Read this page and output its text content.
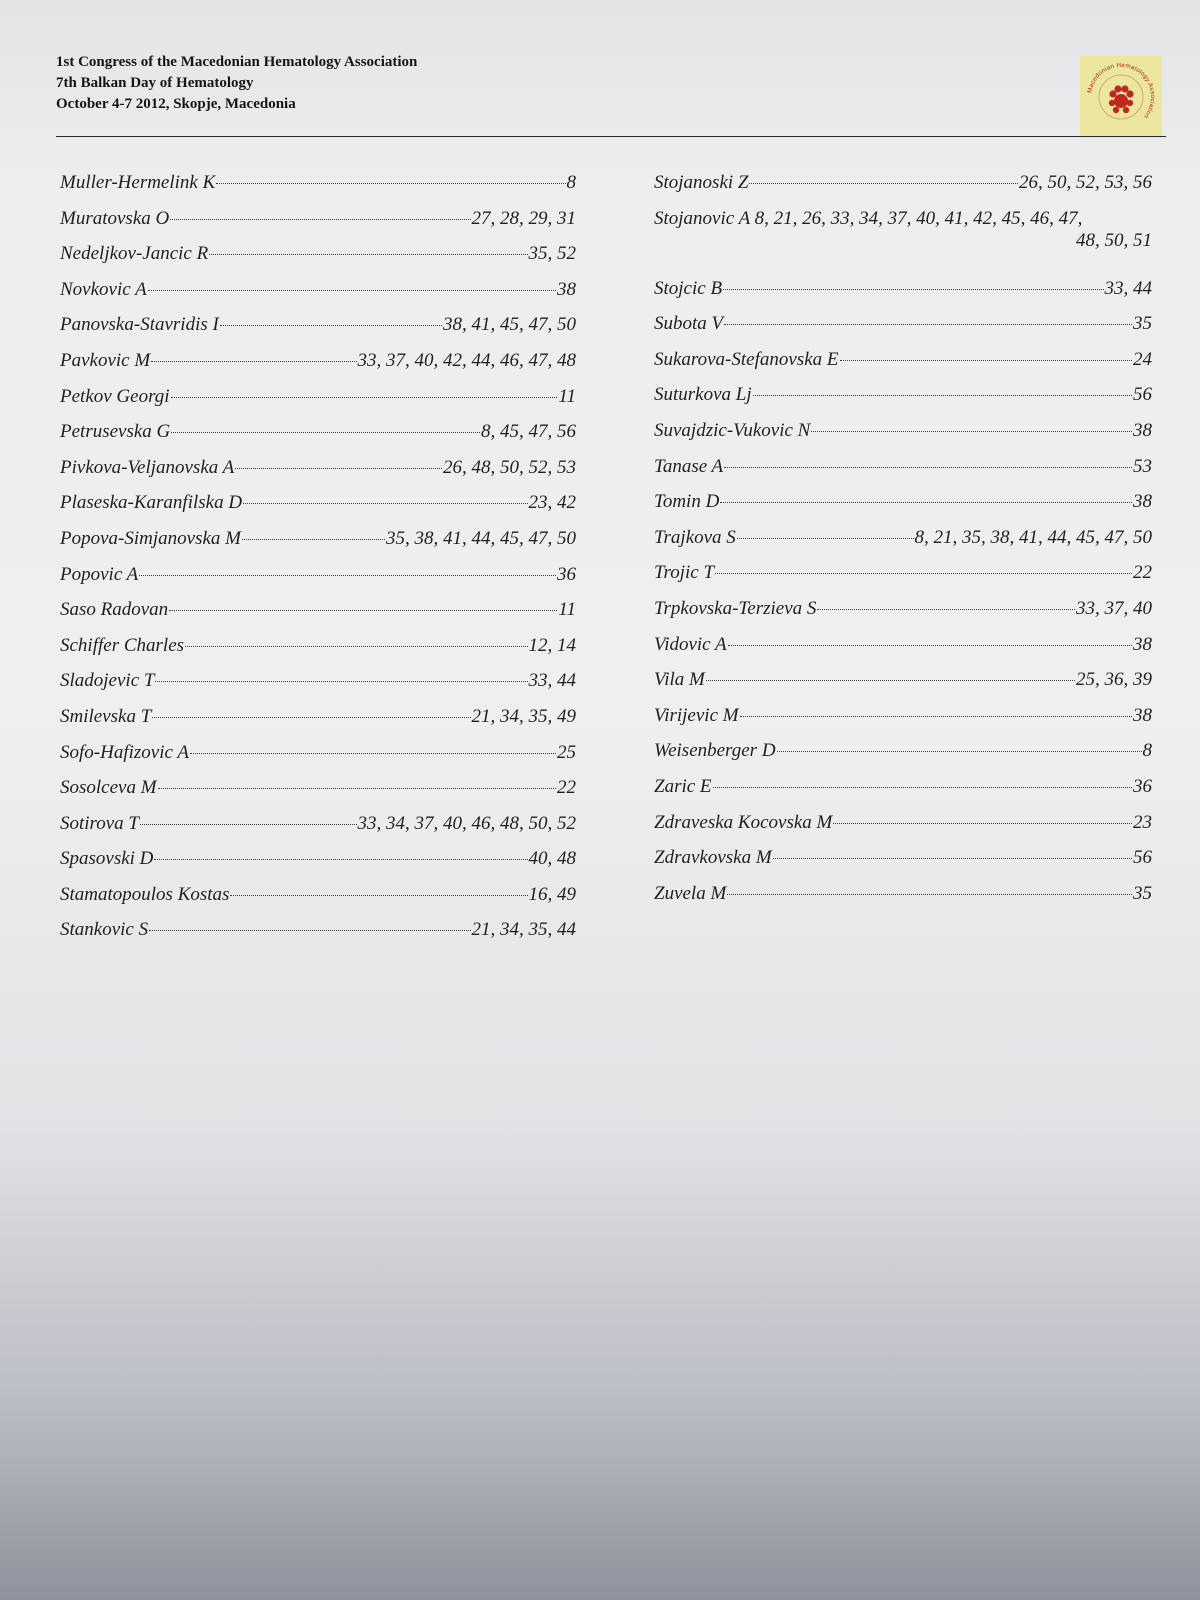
1st Congress of the Macedonian Hematology Association
7th Balkan Day of Hematology
October 4-7 2012, Skopje, Macedonia
Macedonian Hematology Association
Muller-Hermelink K	8
Muratovska O	27, 28, 29, 31
Nedeljkov-Jancic R	35, 52
Novkovic A	38
Panovska-Stavridis I	38, 41, 45, 47, 50
Pavkovic M	33, 37, 40, 42, 44, 46, 47, 48
Petkov Georgi	11
Petrusevska G	8, 45, 47, 56
Pivkova-Veljanovska A	26, 48, 50, 52, 53
Plaseska-Karanfilska D	23, 42
Popova-Simjanovska M	35, 38, 41, 44, 45, 47, 50
Popovic A	36
Saso Radovan	11
Schiffer Charles	12, 14
Sladojevic T	33, 44
Smilevska T	21, 34, 35, 49
Sofo-Hafizovic A	25
Sosolceva M	22
Sotirova T	33, 34, 37, 40, 46, 48, 50, 52
Spasovski D	40, 48
Stamatopoulos Kostas	16, 49
Stankovic S	21, 34, 35, 44
Stojanoski Z	26, 50, 52, 53, 56
Stojanovic A 8, 21, 26, 33, 34, 37, 40, 41, 42, 45, 46, 47,
48, 50, 51
Stojcic B	33, 44
Subota V	35
Sukarova-Stefanovska E	24
Suturkova Lj	56
Suvajdzic-Vukovic N	38
Tanase A	53
Tomin D	38
Trajkova S	8, 21, 35, 38, 41, 44, 45, 47, 50
Trojic T	22
Trpkovska-Terzieva S	33, 37, 40
Vidovic A	38
Vila M	25, 36, 39
Virijevic M	38
Weisenberger D	8
Zaric E	36
Zdraveska Kocovska M	23
Zdravkovska M	56
Zuvela M	35
